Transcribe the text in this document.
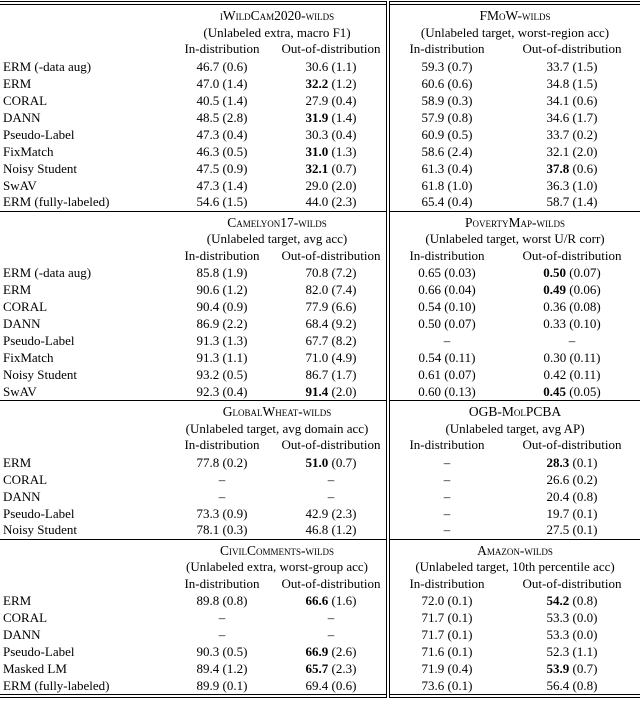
	iWildCam2020-wilds		FMoW-wilds	
	(Unlabeled extra, macro F1)		(Unlabeled target, worst-region acc)	
	In-distribution	Out-of-distribution	In-distribution	Out-of-distribution
ERM (-data aug)	46.7 (0.6)	30.6 (1.1)	59.3 (0.7)	33.7 (1.5)
ERM	47.0 (1.4)	32.2 (1.2)	60.6 (0.6)	34.8 (1.5)
CORAL	40.5 (1.4)	27.9 (0.4)	58.9 (0.3)	34.1 (0.6)
DANN	48.5 (2.8)	31.9 (1.4)	57.9 (0.8)	34.6 (1.7)
Pseudo-Label	47.3 (0.4)	30.3 (0.4)	60.9 (0.5)	33.7 (0.2)
FixMatch	46.3 (0.5)	31.0 (1.3)	58.6 (2.4)	32.1 (2.0)
Noisy Student	47.5 (0.9)	32.1 (0.7)	61.3 (0.4)	37.8 (0.6)
SwAV	47.3 (1.4)	29.0 (2.0)	61.8 (1.0)	36.3 (1.0)
ERM (fully-labeled)	54.6 (1.5)	44.0 (2.3)	65.4 (0.4)	58.7 (1.4)
	Camelyon17-wilds		PovertyMap-wilds	
	(Unlabeled target, avg acc)		(Unlabeled target, worst U/R corr)	
	In-distribution	Out-of-distribution	In-distribution	Out-of-distribution
ERM (-data aug)	85.8 (1.9)	70.8 (7.2)	0.65 (0.03)	0.50 (0.07)
ERM	90.6 (1.2)	82.0 (7.4)	0.66 (0.04)	0.49 (0.06)
CORAL	90.4 (0.9)	77.9 (6.6)	0.54 (0.10)	0.36 (0.08)
DANN	86.9 (2.2)	68.4 (9.2)	0.50 (0.07)	0.33 (0.10)
Pseudo-Label	91.3 (1.3)	67.7 (8.2)	–	–
FixMatch	91.3 (1.1)	71.0 (4.9)	0.54 (0.11)	0.30 (0.11)
Noisy Student	93.2 (0.5)	86.7 (1.7)	0.61 (0.07)	0.42 (0.11)
SwAV	92.3 (0.4)	91.4 (2.0)	0.60 (0.13)	0.45 (0.05)
	GlobalWheat-wilds		OGB-MolPCBA	
	(Unlabeled target, avg domain acc)		(Unlabeled target, avg AP)	
	In-distribution	Out-of-distribution	In-distribution	Out-of-distribution
ERM	77.8 (0.2)	51.0 (0.7)	–	28.3 (0.1)
CORAL	–	–	–	26.6 (0.2)
DANN	–	–	–	20.4 (0.8)
Pseudo-Label	73.3 (0.9)	42.9 (2.3)	–	19.7 (0.1)
Noisy Student	78.1 (0.3)	46.8 (1.2)	–	27.5 (0.1)
	CivilComments-wilds		Amazon-wilds	
	(Unlabeled extra, worst-group acc)		(Unlabeled target, 10th percentile acc)	
	In-distribution	Out-of-distribution	In-distribution	Out-of-distribution
ERM	89.8 (0.8)	66.6 (1.6)	72.0 (0.1)	54.2 (0.8)
CORAL	–	–	71.7 (0.1)	53.3 (0.0)
DANN	–	–	71.7 (0.1)	53.3 (0.0)
Pseudo-Label	90.3 (0.5)	66.9 (2.6)	71.6 (0.1)	52.3 (1.1)
Masked LM	89.4 (1.2)	65.7 (2.3)	71.9 (0.4)	53.9 (0.7)
ERM (fully-labeled)	89.9 (0.1)	69.4 (0.6)	73.6 (0.1)	56.4 (0.8)
